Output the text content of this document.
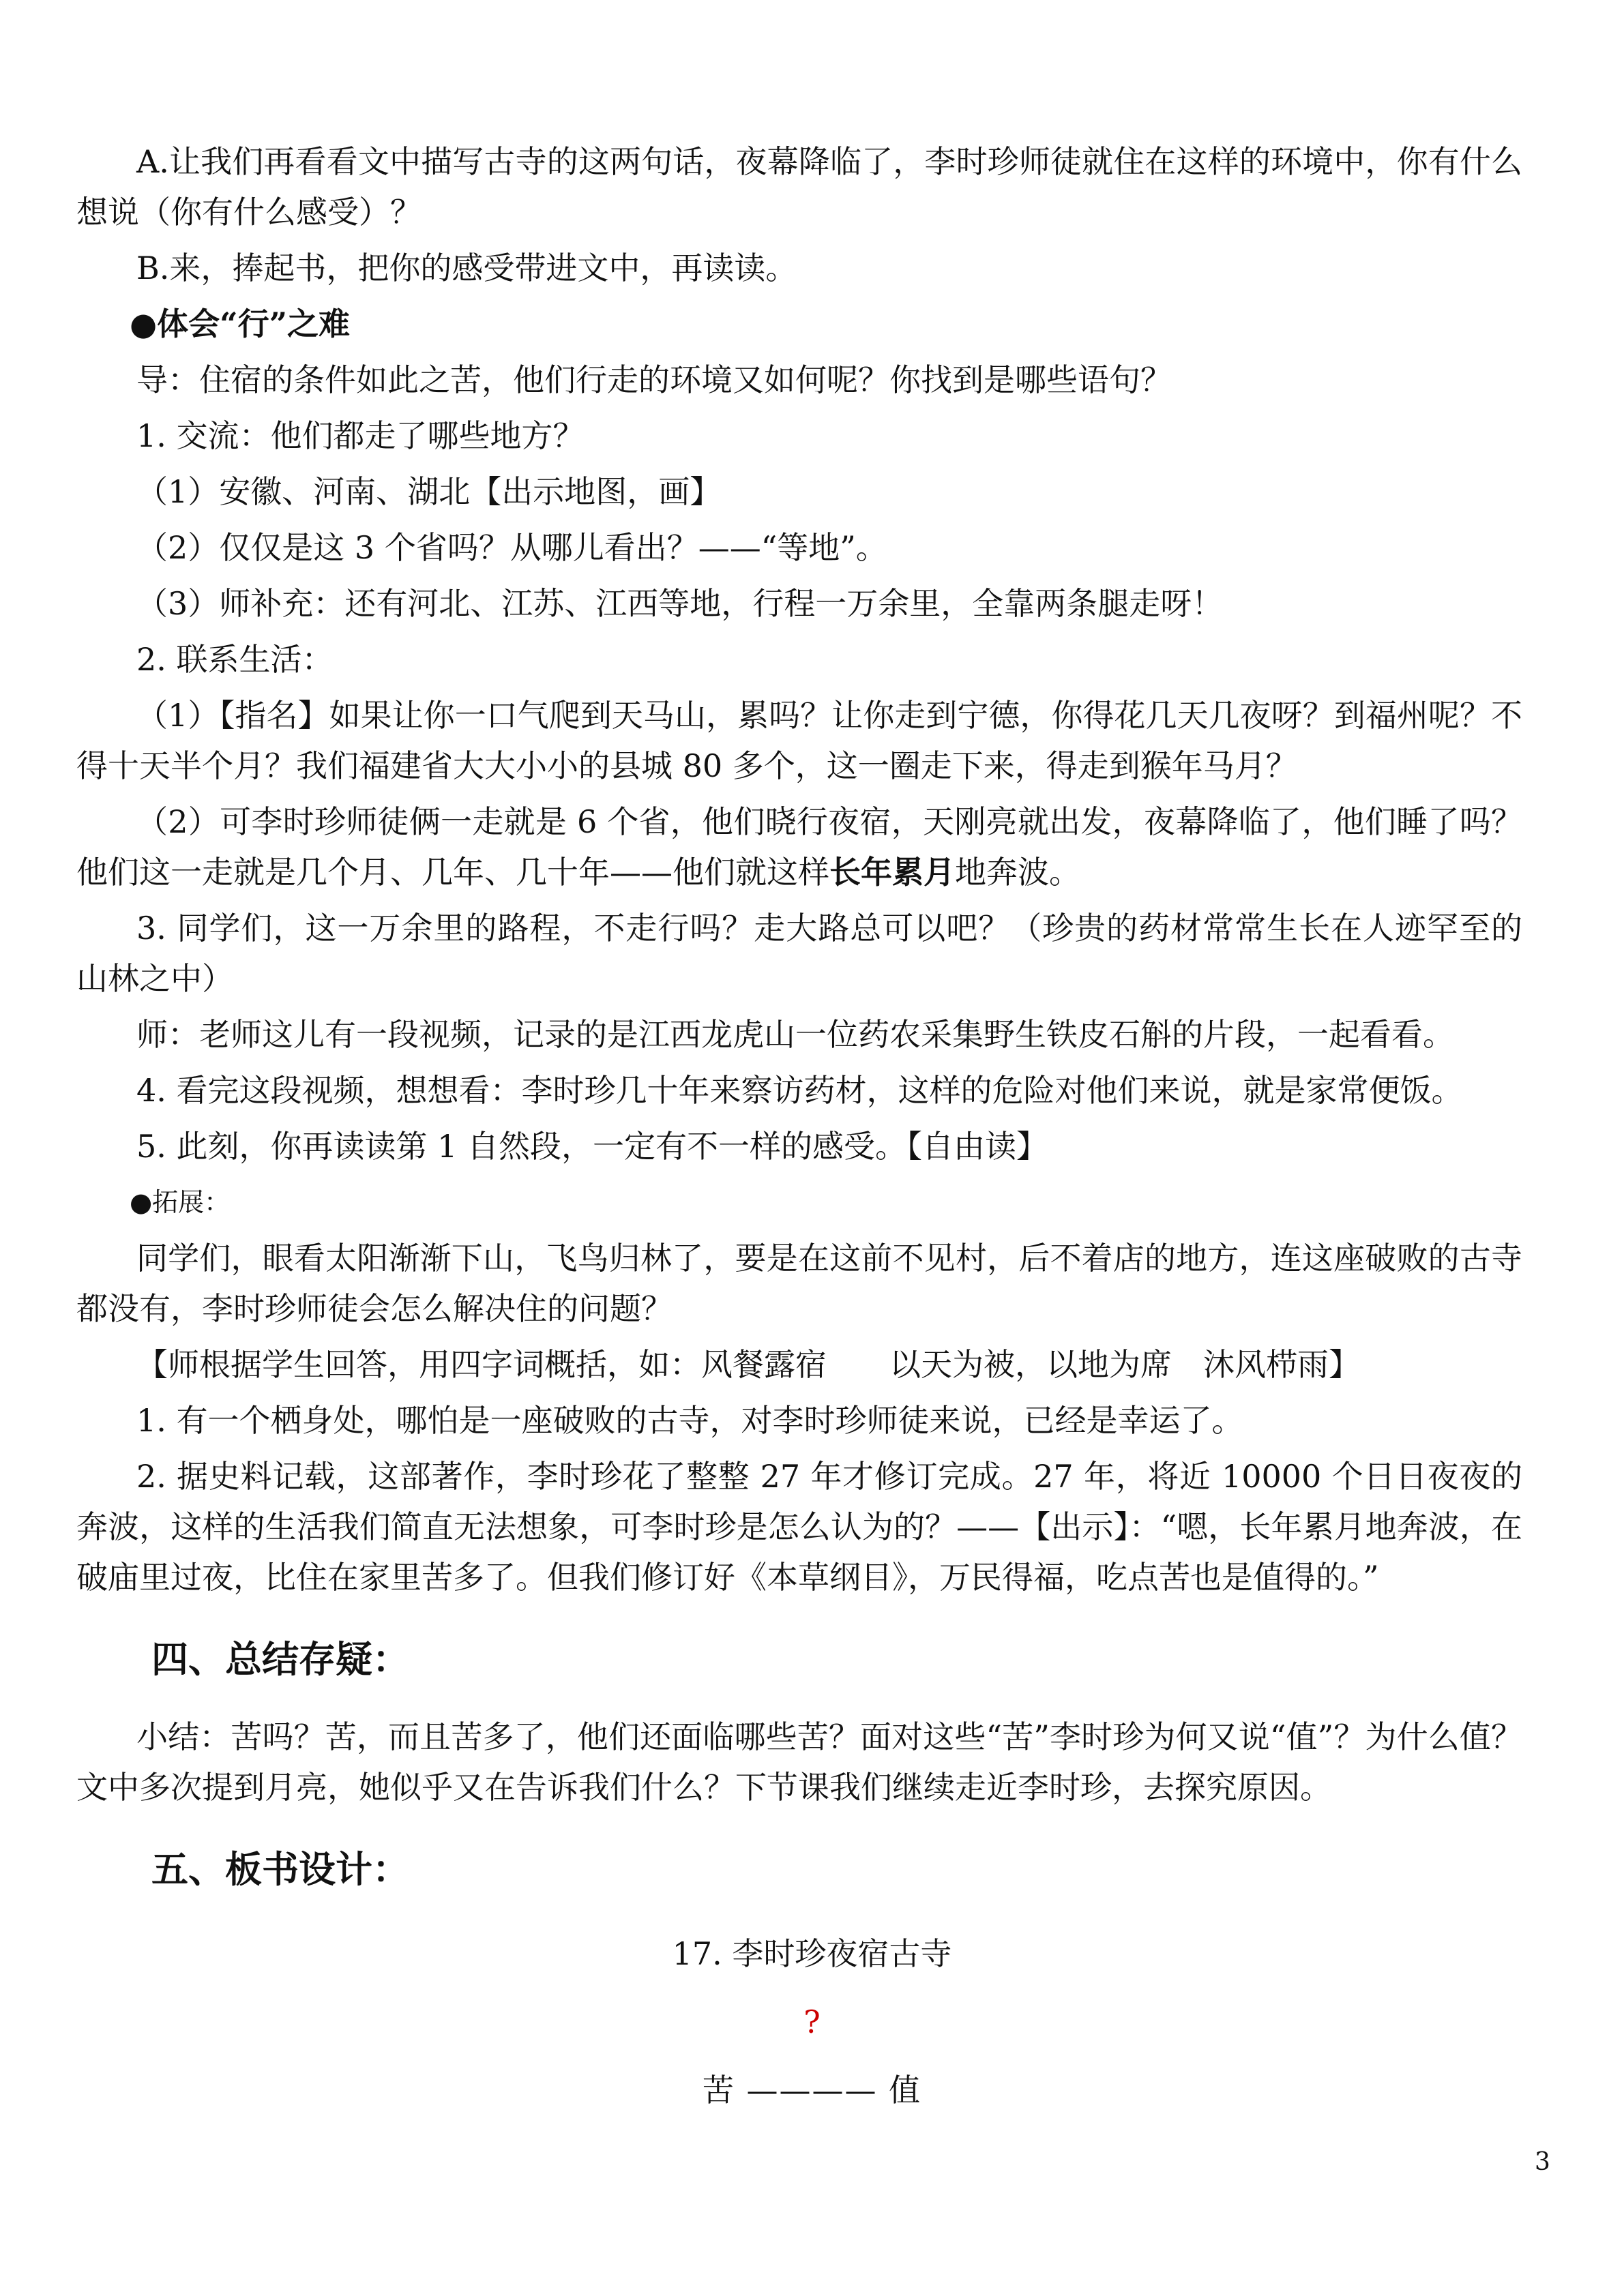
A.让我们再看看文中描写古寺的这两句话，夜幕降临了，李时珍师徒就住在这样的环境中，你有什么想说（你有什么感受）？

B.来，捧起书，把你的感受带进文中，再读读。

●体会“行”之难

导：住宿的条件如此之苦，他们行走的环境又如何呢？你找到是哪些语句？

1. 交流：他们都走了哪些地方？

（1）安徽、河南、湖北【出示地图，画】

（2）仅仅是这 3 个省吗？从哪儿看出？——“等地”。

（3）师补充：还有河北、江苏、江西等地，行程一万余里，全靠两条腿走呀！

2. 联系生活：

（1）【指名】如果让你一口气爬到天马山，累吗？让你走到宁德，你得花几天几夜呀？到福州呢？不得十天半个月？我们福建省大大小小的县城 80 多个，这一圈走下来，得走到猴年马月？

（2）可李时珍师徒俩一走就是 6 个省，他们晓行夜宿，天刚亮就出发，夜幕降临了，他们睡了吗？他们这一走就是几个月、几年、几十年——他们就这样长年累月地奔波。

3. 同学们，这一万余里的路程，不走行吗？走大路总可以吧？（珍贵的药材常常生长在人迹罕至的山林之中）

师：老师这儿有一段视频，记录的是江西龙虎山一位药农采集野生铁皮石斛的片段，一起看看。

4. 看完这段视频，想想看：李时珍几十年来察访药材，这样的危险对他们来说，就是家常便饭。

5. 此刻，你再读读第 1 自然段，一定有不一样的感受。【自由读】

●拓展：

同学们，眼看太阳渐渐下山，飞鸟归林了，要是在这前不见村，后不着店的地方，连这座破败的古寺都没有，李时珍师徒会怎么解决住的问题？

【师根据学生回答，用四字词概括，如：风餐露宿　　以天为被，以地为席　沐风栉雨】

1. 有一个栖身处，哪怕是一座破败的古寺，对李时珍师徒来说，已经是幸运了。

2. 据史料记载，这部著作，李时珍花了整整 27 年才修订完成。27 年，将近 10000 个日日夜夜的奔波，这样的生活我们简直无法想象，可李时珍是怎么认为的？——【出示】：“嗯，长年累月地奔波，在破庙里过夜，比住在家里苦多了。但我们修订好《本草纲目》，万民得福，吃点苦也是值得的。”

四、总结存疑：

小结：苦吗？苦，而且苦多了，他们还面临哪些苦？面对这些“苦”李时珍为何又说“值”？为什么值？文中多次提到月亮，她似乎又在告诉我们什么？下节课我们继续走近李时珍，去探究原因。

五、板书设计：
17. 李时珍夜宿古寺
?
苦 ———— 值
3
